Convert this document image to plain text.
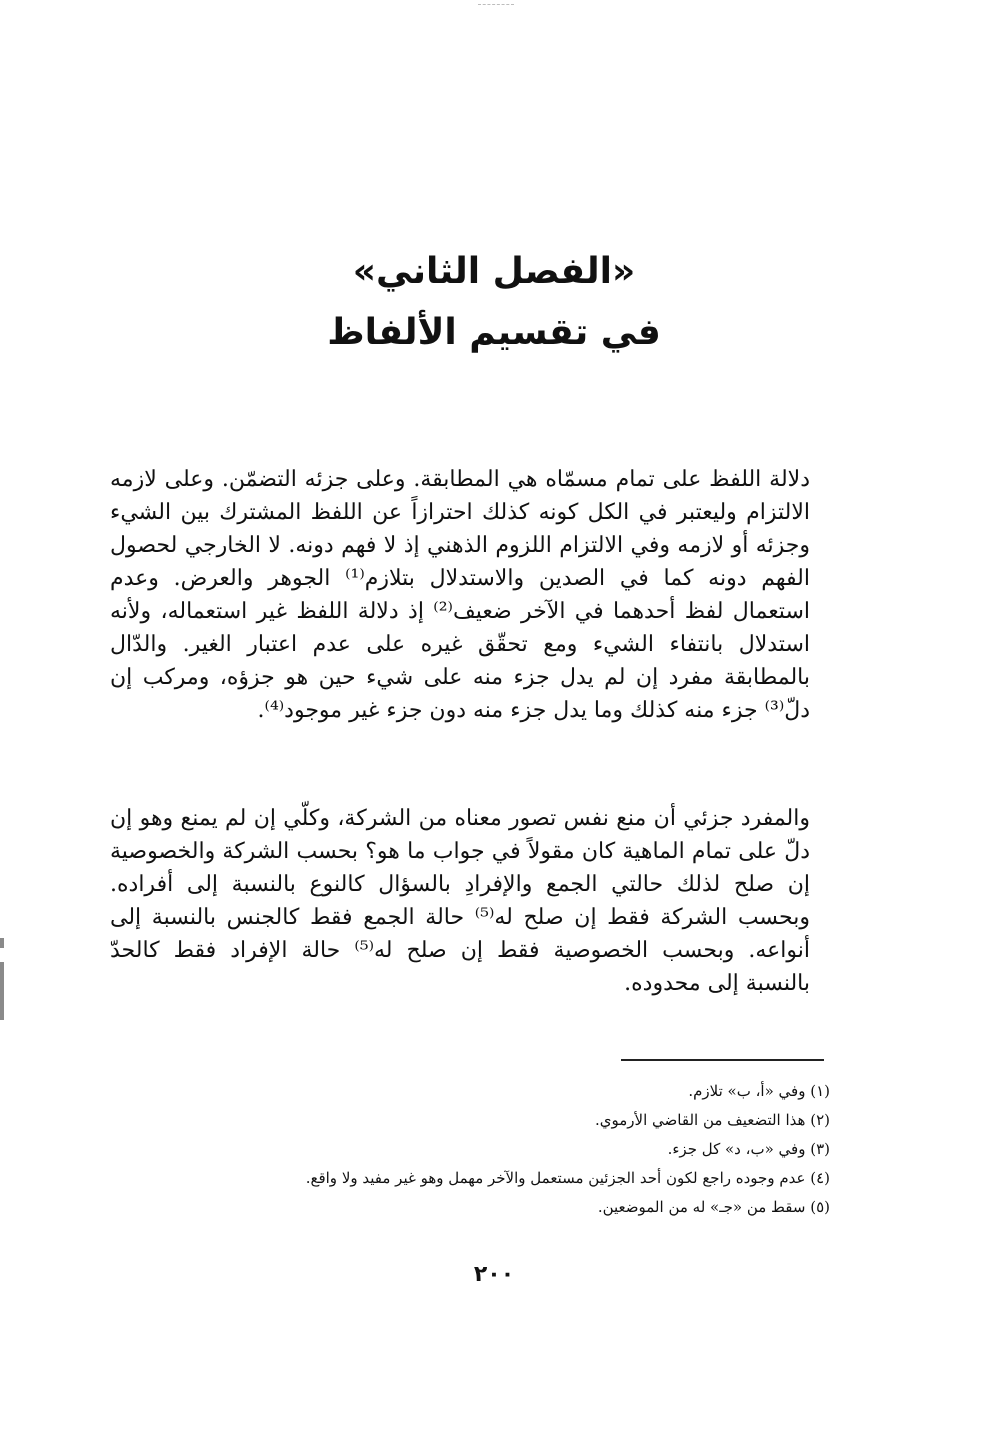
«الفصل الثاني»
في تقسيم الألفاظ

دلالة اللفظ على تمام مسمّاه هي المطابقة. وعلى جزئه التضمّن. وعلى لازمه الالتزام وليعتبر في الكل كونه كذلك احترازاً عن اللفظ المشترك بين الشيء وجزئه أو لازمه وفي الالتزام اللزوم الذهني إذ لا فهم دونه. لا الخارجي لحصول الفهم دونه كما في الصدين والاستدلال بتلازم⁽¹⁾ الجوهر والعرض. وعدم استعمال لفظ أحدهما في الآخر ضعيف⁽²⁾ إذ دلالة اللفظ غير استعماله، ولأنه استدلال بانتفاء الشيء ومع تحقّق غيره على عدم اعتبار الغير. والدّال بالمطابقة مفرد إن لم يدل جزء منه على شيء حين هو جزؤه، ومركب إن دلّ⁽³⁾ جزء منه كذلك وما يدل جزء منه دون جزء غير موجود⁽⁴⁾.

والمفرد جزئي أن منع نفس تصور معناه من الشركة، وكلّي إن لم يمنع وهو إن دلّ على تمام الماهية كان مقولاً في جواب ما هو؟ بحسب الشركة والخصوصية إن صلح لذلك حالتي الجمع والإفرادِ بالسؤال كالنوع بالنسبة إلى أفراده. وبحسب الشركة فقط إن صلح له⁽⁵⁾ حالة الجمع فقط كالجنس بالنسبة إلى أنواعه. وبحسب الخصوصية فقط إن صلح له⁽⁵⁾ حالة الإفراد فقط كالحدّ بالنسبة إلى محدوده.

(١) وفي «أ، ب» تلازم.
(٢) هذا التضعيف من القاضي الأرموي.
(٣) وفي «ب، د» كل جزء.
(٤) عدم وجوده راجع لكون أحد الجزئين مستعمل والآخر مهمل وهو غير مفيد ولا واقع.
(٥) سقط من «جـ» له من الموضعين.
٢٠٠
